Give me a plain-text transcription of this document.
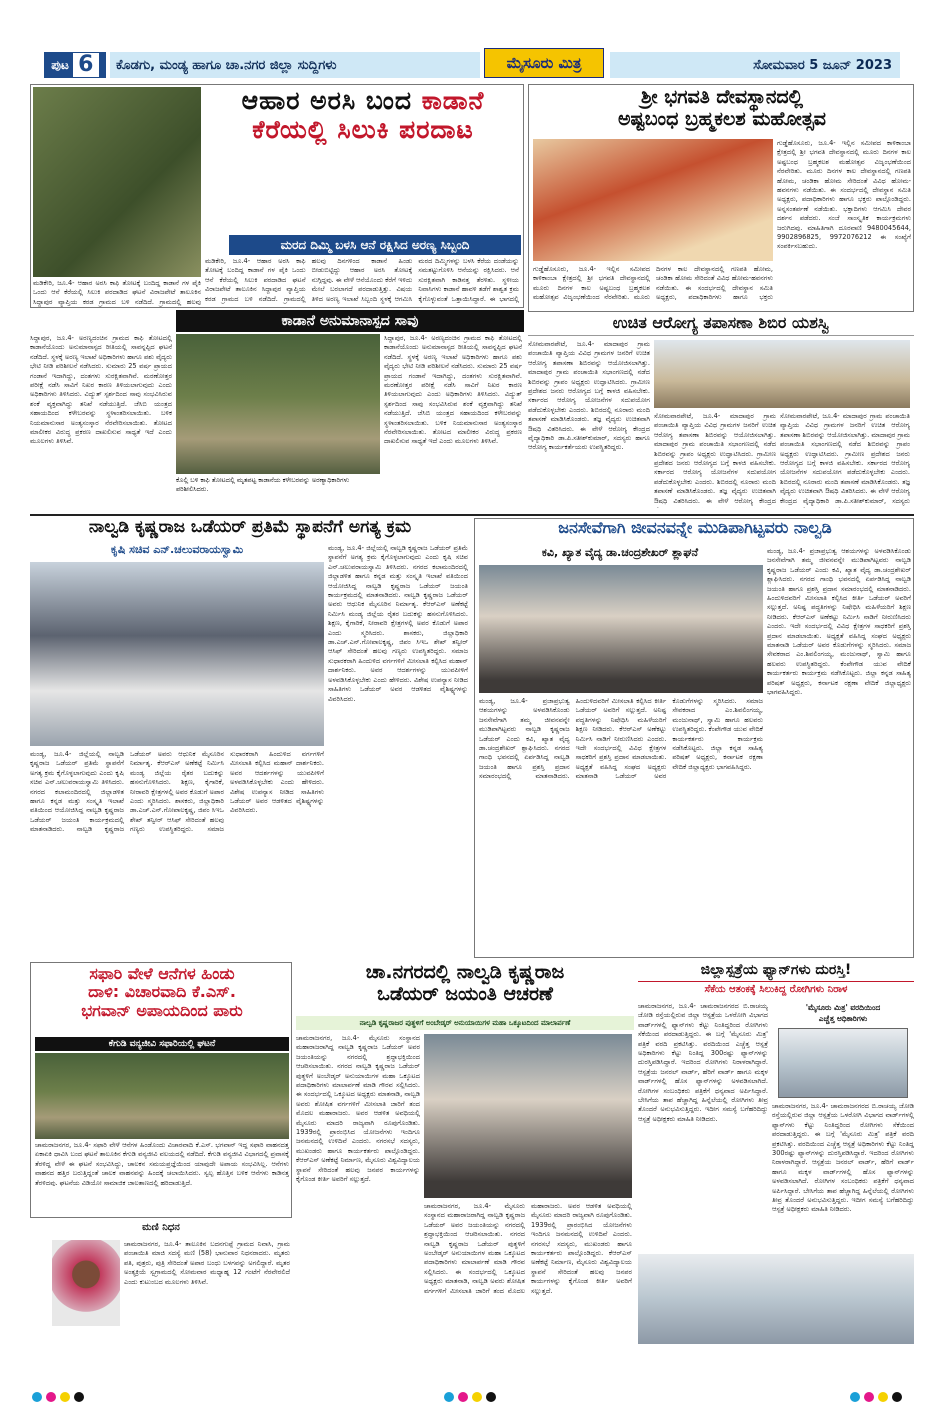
ಪುಟ 6	ಕೊಡಗು, ಮಂಡ್ಯ ಹಾಗೂ ಚಾ.ನಗರ ಜಿಲ್ಲಾ ಸುದ್ದಿಗಳು	ಮೈಸೂರು ಮಿತ್ರ	ಸೋಮವಾರ 5 ಜೂನ್ 2023
ಆಹಾರ ಅರಸಿ ಬಂದ ಕಾಡಾನೆ
ಕೆರೆಯಲ್ಲಿ ಸಿಲುಕಿ ಪರದಾಟ
ಮರದ ದಿಮ್ಮಿ ಬಳಸಿ ಆನೆ ರಕ್ಷಿಸಿದ ಅರಣ್ಯ ಸಿಬ್ಬಂದಿ
ಮಡಿಕೇರಿ, ಜೂ.4- ಆಹಾರ ಅರಸಿ ಕಾಫಿ ತೋಟಕ್ಕೆ ಬಂದಿದ್ದ ಕಾಡಾನೆ ಗಳ ಪೈಕಿ ಒಂದು ಆನೆ ಕೆರೆಯಲ್ಲಿ ಸಿಲುಕಿ ಪರದಾಡಿದ ಘಟನೆ ವಿರಾಜಪೇಟೆ ತಾಲೂಕಿನ ಸಿದ್ದಾಪುರ ವ್ಯಾಪ್ತಿಯ ಕರಡ ಗ್ರಾಮದ ಬಳಿ ನಡೆದಿದೆ. ಗ್ರಾಮದಲ್ಲಿ ಹಲವು
ಮಡಿಕೇರಿ, ಜೂ.4- ಆಹಾರ ಅರಸಿ ಕಾಫಿ ತೋಟಕ್ಕೆ ಬಂದಿದ್ದ ಕಾಡಾನೆ ಗಳ ಪೈಕಿ ಒಂದು ಆನೆ ಕೆರೆಯಲ್ಲಿ ಸಿಲುಕಿ ಪರದಾಡಿದ ಘಟನೆ ವಿರಾಜಪೇಟೆ ತಾಲೂಕಿನ ಸಿದ್ದಾಪುರ ವ್ಯಾಪ್ತಿಯ ಕರಡ ಗ್ರಾಮದ ಬಳಿ ನಡೆದಿದೆ. ಗ್ರಾಮದಲ್ಲಿ ಹಲವು ದಿನಗಳಿಂದ ಕಾಡಾನೆ ಹಿಂಡು ಬೀಡುಬಿಟ್ಟಿದ್ದು ಆಹಾರ ಅರಸಿ ತೋಟಕ್ಕೆ ನುಗ್ಗಿದ್ದವು. ಈ ವೇಳೆ ಆನೆಯೊಂದು ಕೆರೆಗೆ ಇಳಿದು ಮೇಲೆ ಬರಲಾಗದೆ ಪರದಾಡುತ್ತಿತ್ತು. ವಿಷಯ ತಿಳಿದ ಅರಣ್ಯ ಇಲಾಖೆ ಸಿಬ್ಬಂದಿ ಸ್ಥಳಕ್ಕೆ ಆಗಮಿಸಿ ಮರದ ದಿಮ್ಮಿಗಳನ್ನು ಬಳಸಿ ಕೆರೆಯ ದಂಡೆಯನ್ನು ಸಮತಟ್ಟುಗೊಳಿಸಿ ಆನೆಯನ್ನು ರಕ್ಷಿಸಿದರು. ಆನೆ ಸುರಕ್ಷಿತವಾಗಿ ಕಾಡಿನತ್ತ ತೆರಳಿತು. ಸ್ಥಳೀಯ ನಿವಾಸಿಗಳು ಕಾಡಾನೆ ಹಾವಳಿ ತಡೆಗೆ ಶಾಶ್ವತ ಕ್ರಮ ಕೈಗೊಳ್ಳುವಂತೆ ಒತ್ತಾಯಿಸಿದ್ದಾರೆ. ಈ ಭಾಗದಲ್ಲಿ
ಕಾಡಾನೆ ಅನುಮಾನಾಸ್ಪದ ಸಾವು
ಸಿದ್ದಾಪುರ, ಜೂ.4- ಅರಣ್ಯದಂಚಿನ ಗ್ರಾಮದ ಕಾಫಿ ತೋಟದಲ್ಲಿ ಕಾಡಾನೆಯೊಂದು ಅನುಮಾನಾಸ್ಪದ ರೀತಿಯಲ್ಲಿ ಸಾವನ್ನಪ್ಪಿದ ಘಟನೆ ನಡೆದಿದೆ. ಸ್ಥಳಕ್ಕೆ ಅರಣ್ಯ ಇಲಾಖೆ ಅಧಿಕಾರಿಗಳು ಹಾಗೂ ಪಶು ವೈದ್ಯರು ಭೇಟಿ ನೀಡಿ ಪರಿಶೀಲನೆ ನಡೆಸಿದರು. ಸುಮಾರು 25 ವರ್ಷ ಪ್ರಾಯದ ಗಂಡಾನೆ ಇದಾಗಿದ್ದು, ದಂತಗಳು ಸುರಕ್ಷಿತವಾಗಿವೆ. ಮರಣೋತ್ತರ ಪರೀಕ್ಷೆ ನಡೆಸಿ ಸಾವಿಗೆ ನಿಖರ ಕಾರಣ ತಿಳಿಯಲಾಗುವುದು ಎಂದು ಅಧಿಕಾರಿಗಳು ತಿಳಿಸಿದರು. ವಿದ್ಯುತ್ ಸ್ಪರ್ಶದಿಂದ ಸಾವು ಸಂಭವಿಸಿರುವ ಶಂಕೆ ವ್ಯಕ್ತವಾಗಿದ್ದು ತನಿಖೆ ನಡೆಯುತ್ತಿದೆ. ಜೆಸಿಬಿ ಯಂತ್ರದ ಸಹಾಯದಿಂದ ಕಳೇಬರವನ್ನು ಸ್ಥಳಾಂತರಿಸಲಾಯಿತು. ಬಳಿಕ ನಿಯಮಾನುಸಾರ ಅಂತ್ಯಸಂಸ್ಕಾರ ನೆರವೇರಿಸಲಾಯಿತು. ತೋಟದ ಮಾಲೀಕರ ವಿರುದ್ಧ ಪ್ರಕರಣ ದಾಖಲಿಸುವ ಸಾಧ್ಯತೆ ಇದೆ ಎಂದು ಮೂಲಗಳು ತಿಳಿಸಿವೆ.
ಕೊಲ್ಲಿ ಬಳಿ ಕಾಫಿ ತೋಟದಲ್ಲಿ ಮೃತಪಟ್ಟ ಕಾಡಾನೆಯ ಕಳೇಬರವನ್ನು ಅರಣ್ಯಾಧಿಕಾರಿಗಳು ಪರಿಶೀಲಿಸಿದರು.
ಸಿದ್ದಾಪುರ, ಜೂ.4- ಅರಣ್ಯದಂಚಿನ ಗ್ರಾಮದ ಕಾಫಿ ತೋಟದಲ್ಲಿ ಕಾಡಾನೆಯೊಂದು ಅನುಮಾನಾಸ್ಪದ ರೀತಿಯಲ್ಲಿ ಸಾವನ್ನಪ್ಪಿದ ಘಟನೆ ನಡೆದಿದೆ. ಸ್ಥಳಕ್ಕೆ ಅರಣ್ಯ ಇಲಾಖೆ ಅಧಿಕಾರಿಗಳು ಹಾಗೂ ಪಶು ವೈದ್ಯರು ಭೇಟಿ ನೀಡಿ ಪರಿಶೀಲನೆ ನಡೆಸಿದರು. ಸುಮಾರು 25 ವರ್ಷ ಪ್ರಾಯದ ಗಂಡಾನೆ ಇದಾಗಿದ್ದು, ದಂತಗಳು ಸುರಕ್ಷಿತವಾಗಿವೆ. ಮರಣೋತ್ತರ ಪರೀಕ್ಷೆ ನಡೆಸಿ ಸಾವಿಗೆ ನಿಖರ ಕಾರಣ ತಿಳಿಯಲಾಗುವುದು ಎಂದು ಅಧಿಕಾರಿಗಳು ತಿಳಿಸಿದರು. ವಿದ್ಯುತ್ ಸ್ಪರ್ಶದಿಂದ ಸಾವು ಸಂಭವಿಸಿರುವ ಶಂಕೆ ವ್ಯಕ್ತವಾಗಿದ್ದು ತನಿಖೆ ನಡೆಯುತ್ತಿದೆ. ಜೆಸಿಬಿ ಯಂತ್ರದ ಸಹಾಯದಿಂದ ಕಳೇಬರವನ್ನು ಸ್ಥಳಾಂತರಿಸಲಾಯಿತು. ಬಳಿಕ ನಿಯಮಾನುಸಾರ ಅಂತ್ಯಸಂಸ್ಕಾರ ನೆರವೇರಿಸಲಾಯಿತು. ತೋಟದ ಮಾಲೀಕರ ವಿರುದ್ಧ ಪ್ರಕರಣ ದಾಖಲಿಸುವ ಸಾಧ್ಯತೆ ಇದೆ ಎಂದು ಮೂಲಗಳು ತಿಳಿಸಿವೆ.
ಶ್ರೀ ಭಗವತಿ ದೇವಸ್ಥಾನದಲ್ಲಿ
ಅಷ್ಟಬಂಧ ಬ್ರಹ್ಮಕಲಶ ಮಹೋತ್ಸವ
ಗುಡ್ಡೆಹೊಸೂರು, ಜೂ.4- ಇಲ್ಲಿನ ಸಮೀಪದ ಕಾಳಿಕಾಂಬಾ ಕ್ಷೇತ್ರದಲ್ಲಿ ಶ್ರೀ ಭಗವತಿ ದೇವಸ್ಥಾನದಲ್ಲಿ ಮೂರು ದಿನಗಳ ಕಾಲ ಅಷ್ಟಬಂಧ ಬ್ರಹ್ಮಕಲಶ ಮಹೋತ್ಸವ ವಿಜೃಂಭಣೆಯಿಂದ ನೆರವೇರಿತು. ಮೂರು ದಿನಗಳ ಕಾಲ ದೇವಸ್ಥಾನದಲ್ಲಿ ಗಣಪತಿ ಹೋಮ, ಚಂಡಿಕಾ ಹೋಮ ಸೇರಿದಂತೆ ವಿವಿಧ ಹೋಮ-ಹವನಗಳು ನಡೆಯಿತು. ಈ ಸಂದರ್ಭದಲ್ಲಿ ದೇವಸ್ಥಾನ ಸಮಿತಿ ಅಧ್ಯಕ್ಷರು, ಪದಾಧಿಕಾರಿಗಳು ಹಾಗೂ ಭಕ್ತರು
ಗುಡ್ಡೆಹೊಸೂರು, ಜೂ.4- ಇಲ್ಲಿನ ಸಮೀಪದ ಕಾಳಿಕಾಂಬಾ ಕ್ಷೇತ್ರದಲ್ಲಿ ಶ್ರೀ ಭಗವತಿ ದೇವಸ್ಥಾನದಲ್ಲಿ ಮೂರು ದಿನಗಳ ಕಾಲ ಅಷ್ಟಬಂಧ ಬ್ರಹ್ಮಕಲಶ ಮಹೋತ್ಸವ ವಿಜೃಂಭಣೆಯಿಂದ ನೆರವೇರಿತು. ಮೂರು ದಿನಗಳ ಕಾಲ ದೇವಸ್ಥಾನದಲ್ಲಿ ಗಣಪತಿ ಹೋಮ, ಚಂಡಿಕಾ ಹೋಮ ಸೇರಿದಂತೆ ವಿವಿಧ ಹೋಮ-ಹವನಗಳು ನಡೆಯಿತು. ಈ ಸಂದರ್ಭದಲ್ಲಿ ದೇವಸ್ಥಾನ ಸಮಿತಿ ಅಧ್ಯಕ್ಷರು, ಪದಾಧಿಕಾರಿಗಳು ಹಾಗೂ ಭಕ್ತರು ಪಾಲ್ಗೊಂಡಿದ್ದರು. ಅನ್ನಸಂತರ್ಪಣೆ ನಡೆಯಿತು. ಭಕ್ತಾದಿಗಳು ಆಗಮಿಸಿ ದೇವರ ದರ್ಶನ ಪಡೆದರು. ಸಂಜೆ ಸಾಂಸ್ಕೃತಿಕ ಕಾರ್ಯಕ್ರಮಗಳು ಜರುಗಿದವು. ಮಾಹಿತಿಗಾಗಿ ದೂರವಾಣಿ 9480045644, 9902896825, 9972076212 ಈ ಸಂಖ್ಯೆಗೆ ಸಂಪರ್ಕಿಸಬಹುದು.
ಉಚಿತ ಆರೋಗ್ಯ ತಪಾಸಣಾ ಶಿಬಿರ ಯಶಸ್ವಿ
ಸೋಮವಾರಪೇಟೆ, ಜೂ.4- ಮಾದಾಪುರ ಗ್ರಾಮ ಪಂಚಾಯಿತಿ ವ್ಯಾಪ್ತಿಯ ವಿವಿಧ ಗ್ರಾಮಗಳ ಜನರಿಗೆ ಉಚಿತ ಆರೋಗ್ಯ ತಪಾಸಣಾ ಶಿಬಿರವನ್ನು ಆಯೋಜಿಸಲಾಗಿತ್ತು. ಮಾದಾಪುರ ಗ್ರಾಮ ಪಂಚಾಯಿತಿ ಸಭಾಂಗಣದಲ್ಲಿ ನಡೆದ ಶಿಬಿರವನ್ನು ಗ್ರಾಪಂ ಅಧ್ಯಕ್ಷರು ಉದ್ಘಾಟಿಸಿದರು. ಗ್ರಾಮೀಣ ಪ್ರದೇಶದ ಜನರು ಆರೋಗ್ಯದ ಬಗ್ಗೆ ಕಾಳಜಿ ವಹಿಸಬೇಕು. ಸರ್ಕಾರದ ಆರೋಗ್ಯ ಯೋಜನೆಗಳ ಸದುಪಯೋಗ ಪಡೆದುಕೊಳ್ಳಬೇಕು ಎಂದರು. ಶಿಬಿರದಲ್ಲಿ ನೂರಾರು ಮಂದಿ ತಪಾಸಣೆ ಮಾಡಿಸಿಕೊಂಡರು. ತಜ್ಞ ವೈದ್ಯರು ಉಚಿತವಾಗಿ ಔಷಧಿ ವಿತರಿಸಿದರು. ಈ ವೇಳೆ ಆರೋಗ್ಯ ಕೇಂದ್ರದ ವೈದ್ಯಾಧಿಕಾರಿ ಡಾ.ಪಿ.ಸತೀಶ್‌ಕುಮಾರ್, ಸದಸ್ಯರು ಹಾಗೂ ಆರೋಗ್ಯ ಕಾರ್ಯಕರ್ತೆಯರು ಉಪಸ್ಥಿತರಿದ್ದರು.
ಸೋಮವಾರಪೇಟೆ, ಜೂ.4- ಮಾದಾಪುರ ಗ್ರಾಮ ಪಂಚಾಯಿತಿ ವ್ಯಾಪ್ತಿಯ ವಿವಿಧ ಗ್ರಾಮಗಳ ಜನರಿಗೆ ಉಚಿತ ಆರೋಗ್ಯ ತಪಾಸಣಾ ಶಿಬಿರವನ್ನು ಆಯೋಜಿಸಲಾಗಿತ್ತು. ಮಾದಾಪುರ ಗ್ರಾಮ ಪಂಚಾಯಿತಿ ಸಭಾಂಗಣದಲ್ಲಿ ನಡೆದ ಶಿಬಿರವನ್ನು ಗ್ರಾಪಂ ಅಧ್ಯಕ್ಷರು ಉದ್ಘಾಟಿಸಿದರು. ಗ್ರಾಮೀಣ ಪ್ರದೇಶದ ಜನರು ಆರೋಗ್ಯದ ಬಗ್ಗೆ ಕಾಳಜಿ ವಹಿಸಬೇಕು. ಸರ್ಕಾರದ ಆರೋಗ್ಯ ಯೋಜನೆಗಳ ಸದುಪಯೋಗ ಪಡೆದುಕೊಳ್ಳಬೇಕು ಎಂದರು. ಶಿಬಿರದಲ್ಲಿ ನೂರಾರು ಮಂದಿ ತಪಾಸಣೆ ಮಾಡಿಸಿಕೊಂಡರು. ತಜ್ಞ ವೈದ್ಯರು ಉಚಿತವಾಗಿ ಔಷಧಿ ವಿತರಿಸಿದರು. ಈ ವೇಳೆ ಆರೋಗ್ಯ ಕೇಂದ್ರದ
ಸೋಮವಾರಪೇಟೆ, ಜೂ.4- ಮಾದಾಪುರ ಗ್ರಾಮ ಪಂಚಾಯಿತಿ ವ್ಯಾಪ್ತಿಯ ವಿವಿಧ ಗ್ರಾಮಗಳ ಜನರಿಗೆ ಉಚಿತ ಆರೋಗ್ಯ ತಪಾಸಣಾ ಶಿಬಿರವನ್ನು ಆಯೋಜಿಸಲಾಗಿತ್ತು. ಮಾದಾಪುರ ಗ್ರಾಮ ಪಂಚಾಯಿತಿ ಸಭಾಂಗಣದಲ್ಲಿ ನಡೆದ ಶಿಬಿರವನ್ನು ಗ್ರಾಪಂ ಅಧ್ಯಕ್ಷರು ಉದ್ಘಾಟಿಸಿದರು. ಗ್ರಾಮೀಣ ಪ್ರದೇಶದ ಜನರು ಆರೋಗ್ಯದ ಬಗ್ಗೆ ಕಾಳಜಿ ವಹಿಸಬೇಕು. ಸರ್ಕಾರದ ಆರೋಗ್ಯ ಯೋಜನೆಗಳ ಸದುಪಯೋಗ ಪಡೆದುಕೊಳ್ಳಬೇಕು ಎಂದರು. ಶಿಬಿರದಲ್ಲಿ ನೂರಾರು ಮಂದಿ ತಪಾಸಣೆ ಮಾಡಿಸಿಕೊಂಡರು. ತಜ್ಞ ವೈದ್ಯರು ಉಚಿತವಾಗಿ ಔಷಧಿ ವಿತರಿಸಿದರು. ಈ ವೇಳೆ ಆರೋಗ್ಯ ಕೇಂದ್ರದ ವೈದ್ಯಾಧಿಕಾರಿ ಡಾ.ಪಿ.ಸತೀಶ್‌ಕುಮಾರ್, ಸದಸ್ಯರು
ನಾಲ್ವಡಿ ಕೃಷ್ಣರಾಜ ಒಡೆಯರ್ ಪ್ರತಿಮೆ ಸ್ಥಾಪನೆಗೆ ಅಗತ್ಯ ಕ್ರಮ
ಕೃಷಿ ಸಚಿವ ಎನ್.ಚಲುವರಾಯಸ್ವಾಮಿ
ಮಂಡ್ಯ, ಜೂ.4- ಜಿಲ್ಲೆಯಲ್ಲಿ ನಾಲ್ವಡಿ ಕೃಷ್ಣರಾಜ ಒಡೆಯರ್ ಪ್ರತಿಮೆ ಸ್ಥಾಪನೆಗೆ ಅಗತ್ಯ ಕ್ರಮ ಕೈಗೊಳ್ಳಲಾಗುವುದು ಎಂದು ಕೃಷಿ ಸಚಿವ ಎನ್.ಚಲುವರಾಯಸ್ವಾಮಿ ತಿಳಿಸಿದರು. ನಗರದ ಕಲಾಮಂದಿರದಲ್ಲಿ ಜಿಲ್ಲಾಡಳಿತ ಹಾಗೂ ಕನ್ನಡ ಮತ್ತು ಸಂಸ್ಕೃತಿ ಇಲಾಖೆ ವತಿಯಿಂದ ಆಯೋಜಿಸಿದ್ದ ನಾಲ್ವಡಿ ಕೃಷ್ಣರಾಜ ಒಡೆಯರ್ ಜಯಂತಿ ಕಾರ್ಯಕ್ರಮದಲ್ಲಿ ಮಾತನಾಡಿದರು. ನಾಲ್ವಡಿ ಕೃಷ್ಣರಾಜ ಒಡೆಯರ್ ಅವರು ಆಧುನಿಕ ಮೈಸೂರಿನ ನಿರ್ಮಾತೃ. ಕೆಆರ್‌ಎಸ್ ಅಣೆಕಟ್ಟೆ ನಿರ್ಮಿಸಿ ಮಂಡ್ಯ ಜಿಲ್ಲೆಯ ರೈತರ ಬದುಕನ್ನು ಹಸನುಗೊಳಿಸಿದರು. ಶಿಕ್ಷಣ, ಕೈಗಾರಿಕೆ, ನೀರಾವರಿ ಕ್ಷೇತ್ರಗಳಲ್ಲಿ ಅವರ ಕೊಡುಗೆ ಅಪಾರ ಎಂದು ಸ್ಮರಿಸಿದರು. ಶಾಸಕರು, ಜಿಲ್ಲಾಧಿಕಾರಿ ಡಾ.ಎಚ್.ಎನ್.ಗೋಪಾಲಕೃಷ್ಣ, ಜಿಪಂ ಸಿಇಒ ಶೇಖ್ ತನ್ವೀರ್ ಆಸಿಫ್ ಸೇರಿದಂತೆ ಹಲವು ಗಣ್ಯರು ಉಪಸ್ಥಿತರಿದ್ದರು. ಸಮಾಜ ಸುಧಾರಕರಾಗಿ ಹಿಂದುಳಿದ ವರ್ಗಗಳಿಗೆ ಮೀಸಲಾತಿ ಕಲ್ಪಿಸಿದ ಮಹಾನ್ ದಾರ್ಶನಿಕರು. ಅವರ ಆದರ್ಶಗಳನ್ನು ಯುವಪೀಳಿಗೆ ಅಳವಡಿಸಿಕೊಳ್ಳಬೇಕು ಎಂದು ಹೇಳಿದರು. ವಿಶೇಷ ಉಪನ್ಯಾಸ ನೀಡಿದ ಸಾಹಿತಿಗಳು ಒಡೆಯರ್ ಅವರ ಆಡಳಿತದ ವೈಶಿಷ್ಟ್ಯಗಳನ್ನು ವಿವರಿಸಿದರು.
ಮಂಡ್ಯ, ಜೂ.4- ಜಿಲ್ಲೆಯಲ್ಲಿ ನಾಲ್ವಡಿ ಕೃಷ್ಣರಾಜ ಒಡೆಯರ್ ಪ್ರತಿಮೆ ಸ್ಥಾಪನೆಗೆ ಅಗತ್ಯ ಕ್ರಮ ಕೈಗೊಳ್ಳಲಾಗುವುದು ಎಂದು ಕೃಷಿ ಸಚಿವ ಎನ್.ಚಲುವರಾಯಸ್ವಾಮಿ ತಿಳಿಸಿದರು. ನಗರದ ಕಲಾಮಂದಿರದಲ್ಲಿ ಜಿಲ್ಲಾಡಳಿತ ಹಾಗೂ ಕನ್ನಡ ಮತ್ತು ಸಂಸ್ಕೃತಿ ಇಲಾಖೆ ವತಿಯಿಂದ ಆಯೋಜಿಸಿದ್ದ ನಾಲ್ವಡಿ ಕೃಷ್ಣರಾಜ ಒಡೆಯರ್ ಜಯಂತಿ ಕಾರ್ಯಕ್ರಮದಲ್ಲಿ ಮಾತನಾಡಿದರು. ನಾಲ್ವಡಿ ಕೃಷ್ಣರಾಜ ಒಡೆಯರ್ ಅವರು ಆಧುನಿಕ ಮೈಸೂರಿನ ನಿರ್ಮಾತೃ. ಕೆಆರ್‌ಎಸ್ ಅಣೆಕಟ್ಟೆ ನಿರ್ಮಿಸಿ ಮಂಡ್ಯ ಜಿಲ್ಲೆಯ ರೈತರ ಬದುಕನ್ನು ಹಸನುಗೊಳಿಸಿದರು. ಶಿಕ್ಷಣ, ಕೈಗಾರಿಕೆ, ನೀರಾವರಿ ಕ್ಷೇತ್ರಗಳಲ್ಲಿ ಅವರ ಕೊಡುಗೆ ಅಪಾರ ಎಂದು ಸ್ಮರಿಸಿದರು. ಶಾಸಕರು, ಜಿಲ್ಲಾಧಿಕಾರಿ ಡಾ.ಎಚ್.ಎನ್.ಗೋಪಾಲಕೃಷ್ಣ, ಜಿಪಂ ಸಿಇಒ ಶೇಖ್ ತನ್ವೀರ್ ಆಸಿಫ್ ಸೇರಿದಂತೆ ಹಲವು ಗಣ್ಯರು ಉಪಸ್ಥಿತರಿದ್ದರು. ಸಮಾಜ ಸುಧಾರಕರಾಗಿ ಹಿಂದುಳಿದ ವರ್ಗಗಳಿಗೆ ಮೀಸಲಾತಿ ಕಲ್ಪಿಸಿದ ಮಹಾನ್ ದಾರ್ಶನಿಕರು. ಅವರ ಆದರ್ಶಗಳನ್ನು ಯುವಪೀಳಿಗೆ ಅಳವಡಿಸಿಕೊಳ್ಳಬೇಕು ಎಂದು ಹೇಳಿದರು. ವಿಶೇಷ ಉಪನ್ಯಾಸ ನೀಡಿದ ಸಾಹಿತಿಗಳು ಒಡೆಯರ್ ಅವರ ಆಡಳಿತದ ವೈಶಿಷ್ಟ್ಯಗಳನ್ನು ವಿವರಿಸಿದರು.
ಜನಸೇವೆಗಾಗಿ ಜೀವನವನ್ನೇ ಮುಡಿಪಾಗಿಟ್ಟವರು ನಾಲ್ವಡಿ
ಕವಿ, ಖ್ಯಾತ ವೈದ್ಯ ಡಾ.ಚಂದ್ರಶೇಖರ್ ಶ್ಲಾಘನೆ
ಮಂಡ್ಯ, ಜೂ.4- ಪ್ರಜಾಪ್ರಭುತ್ವ ಆಶಯಗಳನ್ನು ಅಳವಡಿಸಿಕೊಂಡು ಜನಸೇವೆಗಾಗಿ ತಮ್ಮ ಜೀವನವನ್ನೇ ಮುಡಿಪಾಗಿಟ್ಟವರು ನಾಲ್ವಡಿ ಕೃಷ್ಣರಾಜ ಒಡೆಯರ್ ಎಂದು ಕವಿ, ಖ್ಯಾತ ವೈದ್ಯ ಡಾ.ಚಂದ್ರಶೇಖರ್ ಶ್ಲಾಘಿಸಿದರು. ನಗರದ ಗಾಂಧಿ ಭವನದಲ್ಲಿ ಏರ್ಪಡಿಸಿದ್ದ ನಾಲ್ವಡಿ ಜಯಂತಿ ಹಾಗೂ ಪ್ರಶಸ್ತಿ ಪ್ರದಾನ ಸಮಾರಂಭದಲ್ಲಿ ಮಾತನಾಡಿದರು. ಹಿಂದುಳಿದವರಿಗೆ ಮೀಸಲಾತಿ ಕಲ್ಪಿಸಿದ ಕೀರ್ತಿ ಒಡೆಯರ್ ಅವರಿಗೆ ಸಲ್ಲುತ್ತದೆ. ಅನಿಷ್ಟ ಪದ್ಧತಿಗಳನ್ನು ನಿಷೇಧಿಸಿ ಮಹಿಳೆಯರಿಗೆ ಶಿಕ್ಷಣ ನೀಡಿದರು. ಕೆಆರ್‌ಎಸ್ ಅಣೆಕಟ್ಟು ನಿರ್ಮಿಸಿ ನಾಡಿಗೆ ನೀರುಣಿಸಿದರು ಎಂದರು. ಇದೇ ಸಂದರ್ಭದಲ್ಲಿ ವಿವಿಧ ಕ್ಷೇತ್ರಗಳ ಸಾಧಕರಿಗೆ ಪ್ರಶಸ್ತಿ ಪ್ರದಾನ ಮಾಡಲಾಯಿತು. ಅಧ್ಯಕ್ಷತೆ ವಹಿಸಿದ್ದ ಸಂಘದ ಅಧ್ಯಕ್ಷರು ಮಾತನಾಡಿ ಒಡೆಯರ್ ಅವರ ಕೊಡುಗೆಗಳನ್ನು ಸ್ಮರಿಸಿದರು. ಸಮಾಜ ಸೇವಕರಾದ ಎಂ.ಶಿವಲಿಂಗಯ್ಯ, ಮಂಜುನಾಥ್, ಸ್ವಾಮಿ ಹಾಗೂ ಹಲವರು ಉಪಸ್ಥಿತರಿದ್ದರು. ಕೆಂಪೇಗೌಡ ಯುವ ವೇದಿಕೆ ಕಾರ್ಯಕರ್ತರು ಕಾರ್ಯಕ್ರಮ ನಡೆಸಿಕೊಟ್ಟರು. ಜಿಲ್ಲಾ ಕನ್ನಡ ಸಾಹಿತ್ಯ ಪರಿಷತ್ ಅಧ್ಯಕ್ಷರು, ಕರ್ನಾಟಕ ರಕ್ಷಣಾ ವೇದಿಕೆ ಜಿಲ್ಲಾಧ್ಯಕ್ಷರು ಭಾಗವಹಿಸಿದ್ದರು.
ಮಂಡ್ಯ, ಜೂ.4- ಪ್ರಜಾಪ್ರಭುತ್ವ ಆಶಯಗಳನ್ನು ಅಳವಡಿಸಿಕೊಂಡು ಜನಸೇವೆಗಾಗಿ ತಮ್ಮ ಜೀವನವನ್ನೇ ಮುಡಿಪಾಗಿಟ್ಟವರು ನಾಲ್ವಡಿ ಕೃಷ್ಣರಾಜ ಒಡೆಯರ್ ಎಂದು ಕವಿ, ಖ್ಯಾತ ವೈದ್ಯ ಡಾ.ಚಂದ್ರಶೇಖರ್ ಶ್ಲಾಘಿಸಿದರು. ನಗರದ ಗಾಂಧಿ ಭವನದಲ್ಲಿ ಏರ್ಪಡಿಸಿದ್ದ ನಾಲ್ವಡಿ ಜಯಂತಿ ಹಾಗೂ ಪ್ರಶಸ್ತಿ ಪ್ರದಾನ ಸಮಾರಂಭದಲ್ಲಿ ಮಾತನಾಡಿದರು. ಹಿಂದುಳಿದವರಿಗೆ ಮೀಸಲಾತಿ ಕಲ್ಪಿಸಿದ ಕೀರ್ತಿ ಒಡೆಯರ್ ಅವರಿಗೆ ಸಲ್ಲುತ್ತದೆ. ಅನಿಷ್ಟ ಪದ್ಧತಿಗಳನ್ನು ನಿಷೇಧಿಸಿ ಮಹಿಳೆಯರಿಗೆ ಶಿಕ್ಷಣ ನೀಡಿದರು. ಕೆಆರ್‌ಎಸ್ ಅಣೆಕಟ್ಟು ನಿರ್ಮಿಸಿ ನಾಡಿಗೆ ನೀರುಣಿಸಿದರು ಎಂದರು. ಇದೇ ಸಂದರ್ಭದಲ್ಲಿ ವಿವಿಧ ಕ್ಷೇತ್ರಗಳ ಸಾಧಕರಿಗೆ ಪ್ರಶಸ್ತಿ ಪ್ರದಾನ ಮಾಡಲಾಯಿತು. ಅಧ್ಯಕ್ಷತೆ ವಹಿಸಿದ್ದ ಸಂಘದ ಅಧ್ಯಕ್ಷರು ಮಾತನಾಡಿ ಒಡೆಯರ್ ಅವರ ಕೊಡುಗೆಗಳನ್ನು ಸ್ಮರಿಸಿದರು. ಸಮಾಜ ಸೇವಕರಾದ ಎಂ.ಶಿವಲಿಂಗಯ್ಯ, ಮಂಜುನಾಥ್, ಸ್ವಾಮಿ ಹಾಗೂ ಹಲವರು ಉಪಸ್ಥಿತರಿದ್ದರು. ಕೆಂಪೇಗೌಡ ಯುವ ವೇದಿಕೆ ಕಾರ್ಯಕರ್ತರು ಕಾರ್ಯಕ್ರಮ ನಡೆಸಿಕೊಟ್ಟರು. ಜಿಲ್ಲಾ ಕನ್ನಡ ಸಾಹಿತ್ಯ ಪರಿಷತ್ ಅಧ್ಯಕ್ಷರು, ಕರ್ನಾಟಕ ರಕ್ಷಣಾ ವೇದಿಕೆ ಜಿಲ್ಲಾಧ್ಯಕ್ಷರು ಭಾಗವಹಿಸಿದ್ದರು.
ಸಫಾರಿ ವೇಳೆ ಆನೆಗಳ ಹಿಂಡು
ದಾಳಿ: ವಿಚಾರವಾದಿ ಕೆ.ಎಸ್.
ಭಗವಾನ್ ಅಪಾಯದಿಂದ ಪಾರು
ಕೆಗುಡಿ ವನ್ಯಜೀವಿ ಸಫಾರಿಯಲ್ಲಿ ಘಟನೆ
ಚಾಮರಾಜನಗರ, ಜೂ.4- ಸಫಾರಿ ವೇಳೆ ಆನೆಗಳ ಹಿಂಡೊಂದು ವಿಚಾರವಾದಿ ಕೆ.ಎಸ್. ಭಗವಾನ್ ಇದ್ದ ಸಫಾರಿ ವಾಹನದತ್ತ ಏಕಾಏಕಿ ಧಾವಿಸಿ ಬಂದ ಘಟನೆ ತಾಲೂಕಿನ ಕೆಗುಡಿ ವನ್ಯಜೀವಿ ವಲಯದಲ್ಲಿ ನಡೆದಿದೆ. ಕೆಗುಡಿ ವನ್ಯಜೀವಿ ವಿಭಾಗದಲ್ಲಿ ಪ್ರವಾಸಕ್ಕೆ ತೆರಳಿದ್ದ ವೇಳೆ ಈ ಘಟನೆ ಸಂಭವಿಸಿದ್ದು, ಚಾಲಕನ ಸಮಯಪ್ರಜ್ಞೆಯಿಂದ ಯಾವುದೇ ಅಪಾಯ ಸಂಭವಿಸಿಲ್ಲ. ಆನೆಗಳು ವಾಹನದ ಹತ್ತಿರ ಬರುತ್ತಿದ್ದಂತೆ ಚಾಲಕ ವಾಹನವನ್ನು ಹಿಂದಕ್ಕೆ ಚಲಾಯಿಸಿದರು. ಸ್ವಲ್ಪ ಹೊತ್ತಿನ ಬಳಿಕ ಆನೆಗಳು ಕಾಡಿನತ್ತ ತೆರಳಿದವು. ಘಟನೆಯ ವಿಡಿಯೋ ಸಾಮಾಜಿಕ ಜಾಲತಾಣದಲ್ಲಿ ಹರಿದಾಡುತ್ತಿದೆ.
ಮಣಿ ನಿಧನ
ಚಾಮರಾಜನಗರ, ಜೂ.4- ತಾಲೂಕಿನ ಬದನಗುಪ್ಪೆ ಗ್ರಾಮದ ನಿವಾಸಿ, ಗ್ರಾಮ ಪಂಚಾಯಿತಿ ಮಾಜಿ ಸದಸ್ಯೆ ಮಣಿ (58) ಭಾನುವಾರ ನಿಧನರಾದರು. ಮೃತರು ಪತಿ, ಪುತ್ರರು, ಪುತ್ರಿ ಸೇರಿದಂತೆ ಅಪಾರ ಬಂಧು ಬಳಗವನ್ನು ಅಗಲಿದ್ದಾರೆ. ಮೃತರ ಅಂತ್ಯಕ್ರಿಯೆ ಸ್ವಗ್ರಾಮದಲ್ಲಿ ಸೋಮವಾರ ಮಧ್ಯಾಹ್ನ 12 ಗಂಟೆಗೆ ನೆರವೇರಲಿದೆ ಎಂದು ಕುಟುಂಬದ ಮೂಲಗಳು ತಿಳಿಸಿವೆ.
ಚಾ.ನಗರದಲ್ಲಿ ನಾಲ್ವಡಿ ಕೃಷ್ಣರಾಜ
ಒಡೆಯರ್ ಜಯಂತಿ ಆಚರಣೆ
ನಾಲ್ವಡಿ ಕೃಷ್ಣರಾಜರ ಪುತ್ಥಳಿಗೆ ಅಂಬೇಡ್ಕರ್ ಅನುಯಾಯಿಗಳ ಮಹಾ ಒಕ್ಕೂಟದಿಂದ ಮಾಲಾರ್ಪಣೆ
ಚಾಮರಾಜನಗರ, ಜೂ.4- ಮೈಸೂರು ಸಂಸ್ಥಾನದ ಮಹಾರಾಜರಾಗಿದ್ದ ನಾಲ್ವಡಿ ಕೃಷ್ಣರಾಜ ಒಡೆಯರ್ ಅವರ ಜಯಂತಿಯನ್ನು ನಗರದಲ್ಲಿ ಶ್ರದ್ಧಾಭಕ್ತಿಯಿಂದ ಆಚರಿಸಲಾಯಿತು. ನಗರದ ನಾಲ್ವಡಿ ಕೃಷ್ಣರಾಜ ಒಡೆಯರ್ ಪುತ್ಥಳಿಗೆ ಅಂಬೇಡ್ಕರ್ ಅನುಯಾಯಿಗಳ ಮಹಾ ಒಕ್ಕೂಟದ ಪದಾಧಿಕಾರಿಗಳು ಮಾಲಾರ್ಪಣೆ ಮಾಡಿ ಗೌರವ ಸಲ್ಲಿಸಿದರು. ಈ ಸಂದರ್ಭದಲ್ಲಿ ಒಕ್ಕೂಟದ ಅಧ್ಯಕ್ಷರು ಮಾತನಾಡಿ, ನಾಲ್ವಡಿ ಅವರು ಶೋಷಿತ ವರ್ಗಗಳಿಗೆ ಮೀಸಲಾತಿ ಜಾರಿಗೆ ತಂದ ಮೊದಲ ಮಹಾರಾಜರು. ಅವರ ಆಡಳಿತ ಅವಧಿಯಲ್ಲಿ ಮೈಸೂರು ಮಾದರಿ ರಾಜ್ಯವಾಗಿ ರೂಪುಗೊಂಡಿತು. 1939ರಲ್ಲಿ ಪ್ರಾರಂಭಿಸಿದ ಯೋಜನೆಗಳು ಇಂದಿಗೂ ಜನಮನದಲ್ಲಿ ಉಳಿದಿವೆ ಎಂದರು. ನಗರಸಭೆ ಸದಸ್ಯರು, ಮುಖಂಡರು ಹಾಗೂ ಕಾರ್ಯಕರ್ತರು ಪಾಲ್ಗೊಂಡಿದ್ದರು. ಕೆಆರ್‌ಎಸ್ ಅಣೆಕಟ್ಟೆ ನಿರ್ಮಾಣ, ಮೈಸೂರು ವಿಶ್ವವಿದ್ಯಾಲಯ ಸ್ಥಾಪನೆ ಸೇರಿದಂತೆ ಹಲವು ಜನಪರ ಕಾರ್ಯಗಳನ್ನು ಕೈಗೊಂಡ ಕೀರ್ತಿ ಅವರಿಗೆ ಸಲ್ಲುತ್ತದೆ.
ಚಾಮರಾಜನಗರ, ಜೂ.4- ಮೈಸೂರು ಸಂಸ್ಥಾನದ ಮಹಾರಾಜರಾಗಿದ್ದ ನಾಲ್ವಡಿ ಕೃಷ್ಣರಾಜ ಒಡೆಯರ್ ಅವರ ಜಯಂತಿಯನ್ನು ನಗರದಲ್ಲಿ ಶ್ರದ್ಧಾಭಕ್ತಿಯಿಂದ ಆಚರಿಸಲಾಯಿತು. ನಗರದ ನಾಲ್ವಡಿ ಕೃಷ್ಣರಾಜ ಒಡೆಯರ್ ಪುತ್ಥಳಿಗೆ ಅಂಬೇಡ್ಕರ್ ಅನುಯಾಯಿಗಳ ಮಹಾ ಒಕ್ಕೂಟದ ಪದಾಧಿಕಾರಿಗಳು ಮಾಲಾರ್ಪಣೆ ಮಾಡಿ ಗೌರವ ಸಲ್ಲಿಸಿದರು. ಈ ಸಂದರ್ಭದಲ್ಲಿ ಒಕ್ಕೂಟದ ಅಧ್ಯಕ್ಷರು ಮಾತನಾಡಿ, ನಾಲ್ವಡಿ ಅವರು ಶೋಷಿತ ವರ್ಗಗಳಿಗೆ ಮೀಸಲಾತಿ ಜಾರಿಗೆ ತಂದ ಮೊದಲ ಮಹಾರಾಜರು. ಅವರ ಆಡಳಿತ ಅವಧಿಯಲ್ಲಿ ಮೈಸೂರು ಮಾದರಿ ರಾಜ್ಯವಾಗಿ ರೂಪುಗೊಂಡಿತು. 1939ರಲ್ಲಿ ಪ್ರಾರಂಭಿಸಿದ ಯೋಜನೆಗಳು ಇಂದಿಗೂ ಜನಮನದಲ್ಲಿ ಉಳಿದಿವೆ ಎಂದರು. ನಗರಸಭೆ ಸದಸ್ಯರು, ಮುಖಂಡರು ಹಾಗೂ ಕಾರ್ಯಕರ್ತರು ಪಾಲ್ಗೊಂಡಿದ್ದರು. ಕೆಆರ್‌ಎಸ್ ಅಣೆಕಟ್ಟೆ ನಿರ್ಮಾಣ, ಮೈಸೂರು ವಿಶ್ವವಿದ್ಯಾಲಯ ಸ್ಥಾಪನೆ ಸೇರಿದಂತೆ ಹಲವು ಜನಪರ ಕಾರ್ಯಗಳನ್ನು ಕೈಗೊಂಡ ಕೀರ್ತಿ ಅವರಿಗೆ ಸಲ್ಲುತ್ತದೆ.
ಜಿಲ್ಲಾಸ್ಪತ್ರೆಯ ಫ್ಯಾನ್‌ಗಳು ದುರಸ್ತಿ!
ಸೆಕೆಯ ಆತಂಕಕ್ಕೆ ಸಿಲುಕಿದ್ದ ರೋಗಿಗಳು ನಿರಾಳ
ಚಾಮರಾಜನಗರ, ಜೂ.4- ಚಾಮರಾಜನಗರದ ಬಿ.ರಾಚಯ್ಯ ಜೋಡಿ ರಸ್ತೆಯಲ್ಲಿರುವ ಜಿಲ್ಲಾ ಆಸ್ಪತ್ರೆಯ ಒಳರೋಗಿ ವಿಭಾಗದ ವಾರ್ಡ್‌ಗಳಲ್ಲಿ ಫ್ಯಾನ್‌ಗಳು ಕೆಟ್ಟು ನಿಂತಿದ್ದರಿಂದ ರೋಗಿಗಳು ಸೆಕೆಯಿಂದ ಪರದಾಡುತ್ತಿದ್ದರು. ಈ ಬಗ್ಗೆ 'ಮೈಸೂರು ಮಿತ್ರ' ಪತ್ರಿಕೆ ವರದಿ ಪ್ರಕಟಿಸಿತ್ತು. ವರದಿಯಿಂದ ಎಚ್ಚೆತ್ತ ಆಸ್ಪತ್ರೆ ಅಧಿಕಾರಿಗಳು ಕೆಟ್ಟು ನಿಂತಿದ್ದ 300ರಷ್ಟು ಫ್ಯಾನ್‌ಗಳನ್ನು ದುರಸ್ತಿಪಡಿಸಿದ್ದಾರೆ. ಇದರಿಂದ ರೋಗಿಗಳು ನಿರಾಳರಾಗಿದ್ದಾರೆ. ಆಸ್ಪತ್ರೆಯ ಜನರಲ್ ವಾರ್ಡ್, ಹೆರಿಗೆ ವಾರ್ಡ್ ಹಾಗೂ ಮಕ್ಕಳ ವಾರ್ಡ್‌ಗಳಲ್ಲಿ ಹೊಸ ಫ್ಯಾನ್‌ಗಳನ್ನು ಅಳವಡಿಸಲಾಗಿದೆ. ರೋಗಿಗಳ ಸಂಬಂಧಿಕರು ಪತ್ರಿಕೆಗೆ ಧನ್ಯವಾದ ಅರ್ಪಿಸಿದ್ದಾರೆ. ಬೇಸಿಗೆಯ ತಾಪ ಹೆಚ್ಚಾಗಿದ್ದ ಹಿನ್ನೆಲೆಯಲ್ಲಿ ರೋಗಿಗಳು ತೀವ್ರ ತೊಂದರೆ ಅನುಭವಿಸುತ್ತಿದ್ದರು. ಇದೀಗ ಸಮಸ್ಯೆ ಬಗೆಹರಿದಿದ್ದು ಆಸ್ಪತ್ರೆ ಅಧೀಕ್ಷಕರು ಮಾಹಿತಿ ನೀಡಿದರು.
'ಮೈಸೂರು ಮಿತ್ರ' ವರದಿಯಿಂದ
ಎಚ್ಚೆತ್ತ ಅಧಿಕಾರಿಗಳು
ಚಾಮರಾಜನಗರ, ಜೂ.4- ಚಾಮರಾಜನಗರದ ಬಿ.ರಾಚಯ್ಯ ಜೋಡಿ ರಸ್ತೆಯಲ್ಲಿರುವ ಜಿಲ್ಲಾ ಆಸ್ಪತ್ರೆಯ ಒಳರೋಗಿ ವಿಭಾಗದ ವಾರ್ಡ್‌ಗಳಲ್ಲಿ ಫ್ಯಾನ್‌ಗಳು ಕೆಟ್ಟು ನಿಂತಿದ್ದರಿಂದ ರೋಗಿಗಳು ಸೆಕೆಯಿಂದ ಪರದಾಡುತ್ತಿದ್ದರು. ಈ ಬಗ್ಗೆ 'ಮೈಸೂರು ಮಿತ್ರ' ಪತ್ರಿಕೆ ವರದಿ ಪ್ರಕಟಿಸಿತ್ತು. ವರದಿಯಿಂದ ಎಚ್ಚೆತ್ತ ಆಸ್ಪತ್ರೆ ಅಧಿಕಾರಿಗಳು ಕೆಟ್ಟು ನಿಂತಿದ್ದ 300ರಷ್ಟು ಫ್ಯಾನ್‌ಗಳನ್ನು ದುರಸ್ತಿಪಡಿಸಿದ್ದಾರೆ. ಇದರಿಂದ ರೋಗಿಗಳು ನಿರಾಳರಾಗಿದ್ದಾರೆ. ಆಸ್ಪತ್ರೆಯ ಜನರಲ್ ವಾರ್ಡ್, ಹೆರಿಗೆ ವಾರ್ಡ್ ಹಾಗೂ ಮಕ್ಕಳ ವಾರ್ಡ್‌ಗಳಲ್ಲಿ ಹೊಸ ಫ್ಯಾನ್‌ಗಳನ್ನು ಅಳವಡಿಸಲಾಗಿದೆ. ರೋಗಿಗಳ ಸಂಬಂಧಿಕರು ಪತ್ರಿಕೆಗೆ ಧನ್ಯವಾದ ಅರ್ಪಿಸಿದ್ದಾರೆ. ಬೇಸಿಗೆಯ ತಾಪ ಹೆಚ್ಚಾಗಿದ್ದ ಹಿನ್ನೆಲೆಯಲ್ಲಿ ರೋಗಿಗಳು ತೀವ್ರ ತೊಂದರೆ ಅನುಭವಿಸುತ್ತಿದ್ದರು. ಇದೀಗ ಸಮಸ್ಯೆ ಬಗೆಹರಿದಿದ್ದು ಆಸ್ಪತ್ರೆ ಅಧೀಕ್ಷಕರು ಮಾಹಿತಿ ನೀಡಿದರು.
